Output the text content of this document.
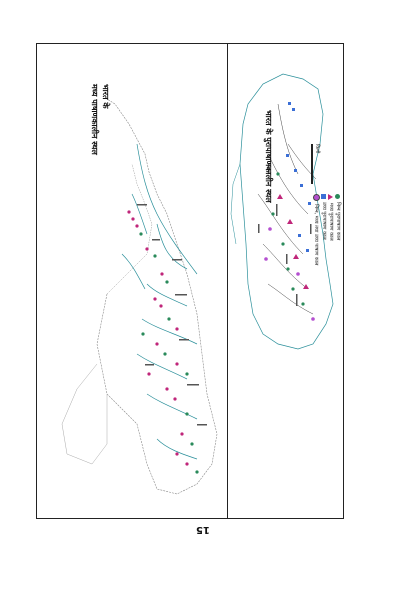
भारत के
मध्य पाषाणकालीन स्थल	भारत के पुरापाषाणकालीन स्थल	किमी
निम्न पुरापाषाण काल
मध्य पुरापाषाण काल
उच्च पुरापाषाण काल
निम्न, मध्य तथा उच्च पाषाण काल
15
